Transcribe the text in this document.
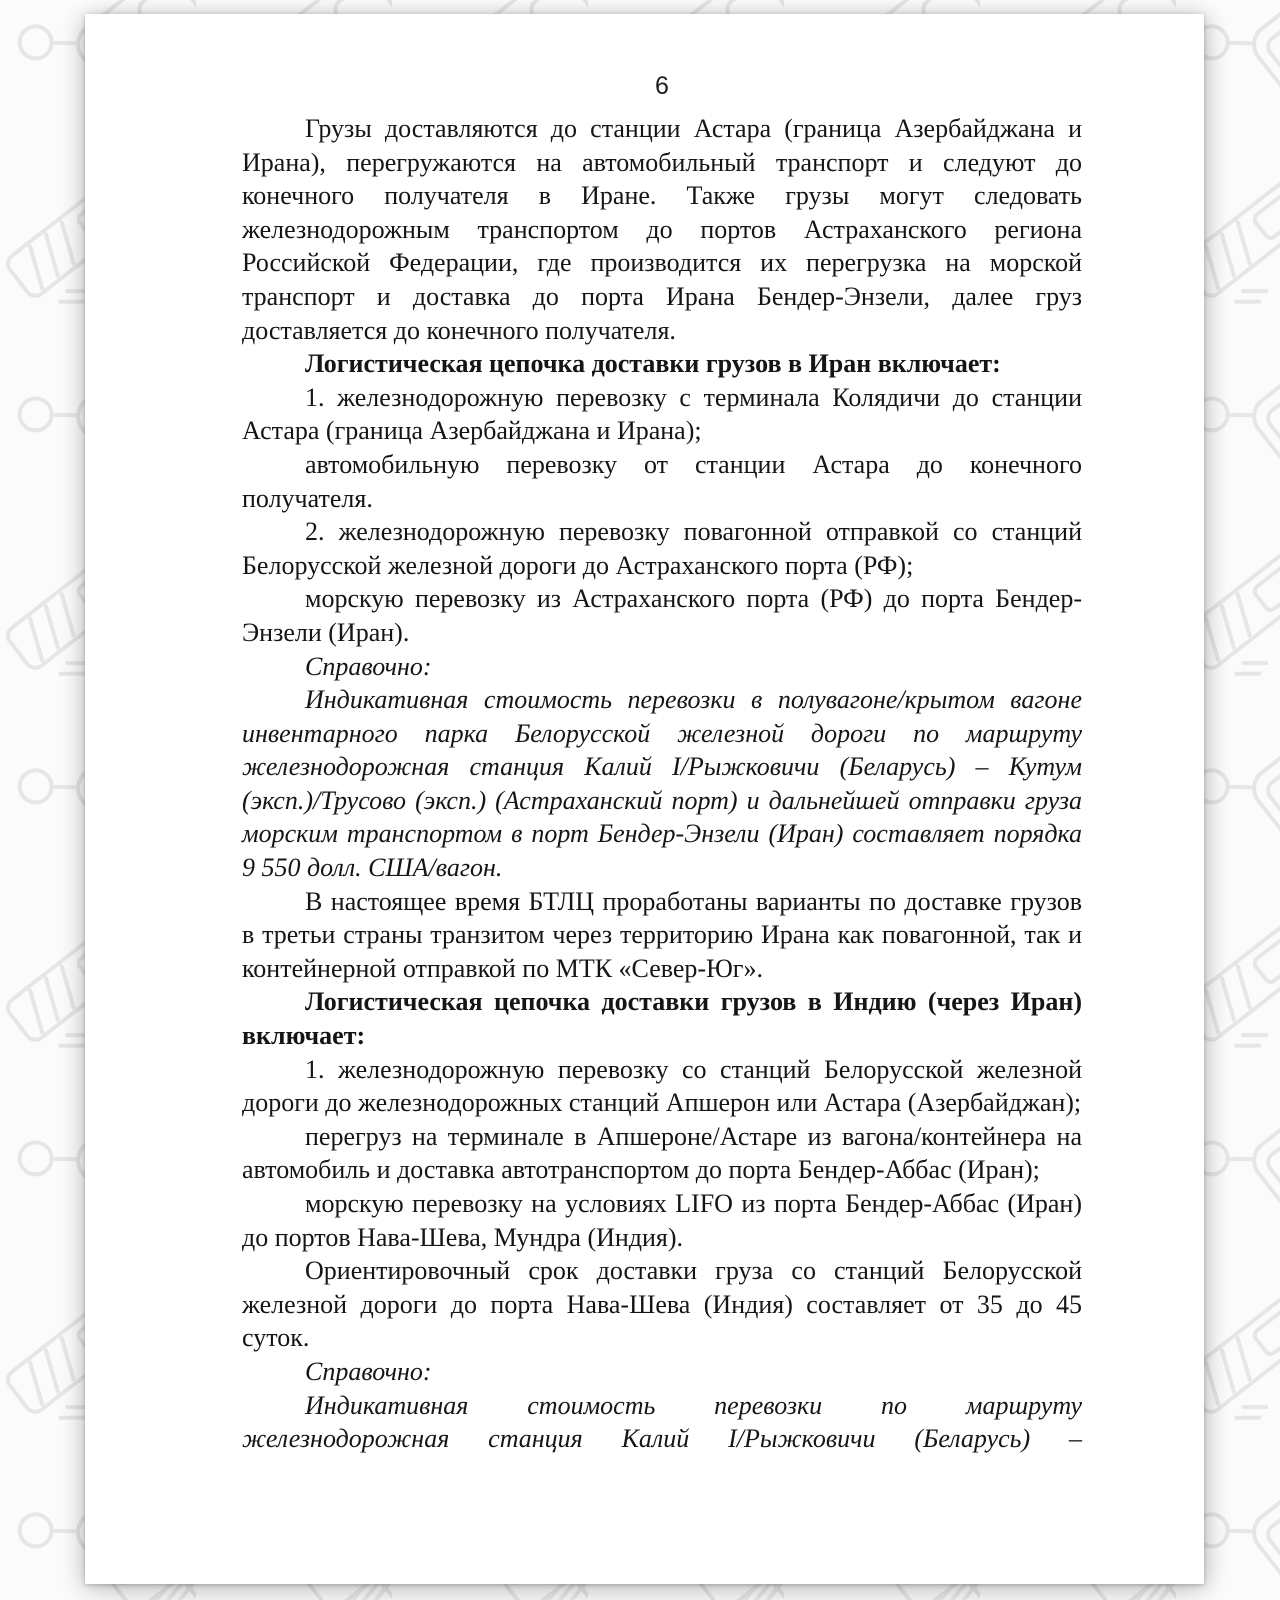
6

Грузы доставляются до станции Астара (граница Азербайджана и Ирана), перегружаются на автомобильный транспорт и следуют до конечного получателя в Иране. Также грузы могут следовать железнодорожным транспортом до портов Астраханского региона Российской Федерации, где производится их перегрузка на морской транспорт и доставка до порта Ирана Бендер-Энзели, далее груз доставляется до конечного получателя.

Логистическая цепочка доставки грузов в Иран включает:

1. железнодорожную перевозку с терминала Колядичи до станции Астара (граница Азербайджана и Ирана);

автомобильную перевозку от станции Астара до конечного получателя.

2. железнодорожную перевозку повагонной отправкой со станций Белорусской железной дороги до Астраханского порта (РФ);

морскую перевозку из Астраханского порта (РФ) до порта Бендер-Энзели (Иран).

Справочно:

Индикативная стоимость перевозки в полувагоне/крытом вагоне инвентарного парка Белорусской железной дороги по маршруту железнодорожная станция Калий I/Рыжковичи (Беларусь) – Кутум (эксп.)/Трусово (эксп.) (Астраханский порт) и дальнейшей отправки груза морским транспортом в порт Бендер-Энзели (Иран) составляет порядка 9 550 долл. США/вагон.

В настоящее время БТЛЦ проработаны варианты по доставке грузов в третьи страны транзитом через территорию Ирана как повагонной, так и контейнерной отправкой по МТК «Север-Юг».

Логистическая цепочка доставки грузов в Индию (через Иран) включает:

1. железнодорожную перевозку со станций Белорусской железной дороги до железнодорожных станций Апшерон или Астара (Азербайджан);

перегруз на терминале в Апшероне/Астаре из вагона/​контейнера на автомобиль и доставка автотранспортом до порта Бендер-Аббас (Иран);

морскую перевозку на условиях LIFO из порта Бендер-Аббас (Иран) до портов Нава-Шева, Мундра (Индия).

Ориентировочный срок доставки груза со станций Белорусской железной дороги до порта Нава-Шева (Индия) составляет от 35 до 45 суток.

Справочно:

Индикативная стоимость перевозки по маршруту железнодорожная станция Калий I/Рыжковичи (Беларусь) –
